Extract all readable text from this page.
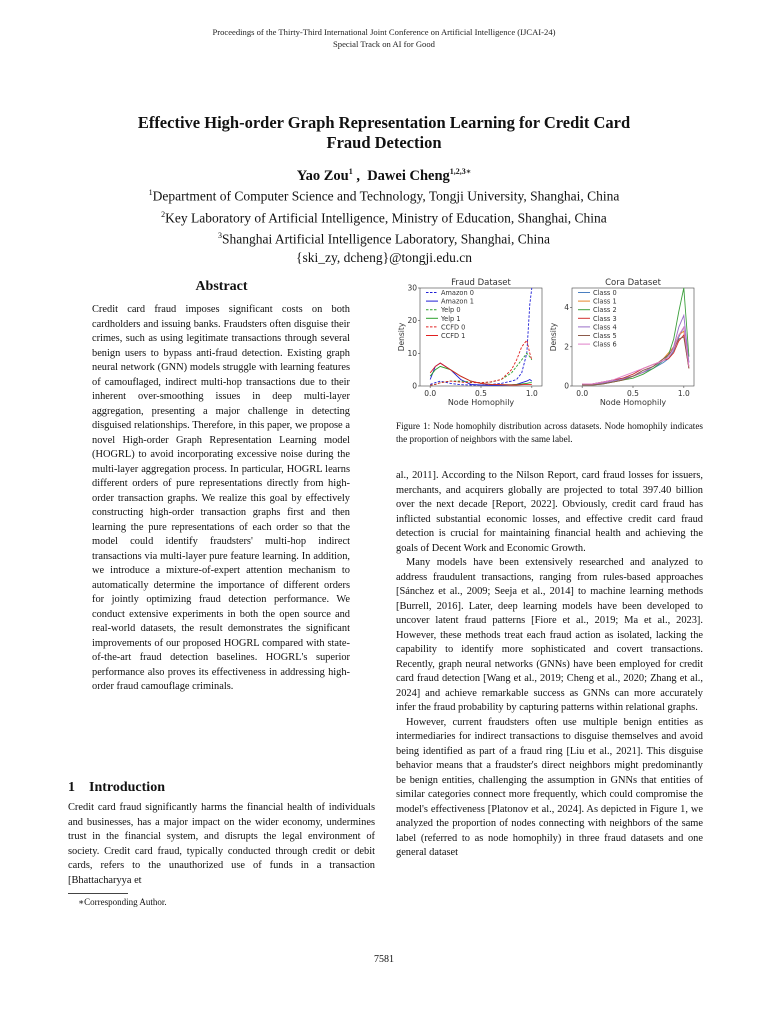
Proceedings of the Thirty-Third International Joint Conference on Artificial Intelligence (IJCAI-24)
Special Track on AI for Good
Effective High-order Graph Representation Learning for Credit Card
Fraud Detection
Yao Zou$^1$ , Dawei Cheng$^{1,2,3∗}$
$^1$Department of Computer Science and Technology, Tongji University, Shanghai, China
$^2$Key Laboratory of Artificial Intelligence, Ministry of Education, Shanghai, China
$^3$Shanghai Artificial Intelligence Laboratory, Shanghai, China
{ski_zy, dcheng}@tongji.edu.cn
Abstract
Credit card fraud imposes significant costs on both cardholders and issuing banks. Fraudsters often disguise their crimes, such as using legitimate transactions through several benign users to bypass anti-fraud detection. Existing graph neural network (GNN) models struggle with learning features of camouflaged, indirect multi-hop transactions due to their inherent over-smoothing issues in deep multi-layer aggregation, presenting a major challenge in detecting disguised relationships. Therefore, in this paper, we propose a novel High-order Graph Representation Learning model (HOGRL) to avoid incorporating excessive noise during the multi-layer aggregation process. In particular, HOGRL learns different orders of pure representations directly from high-order transaction graphs. We realize this goal by effectively constructing high-order transaction graphs first and then learning the pure representations of each order so that the model could identify fraudsters' multi-hop indirect transactions via multi-layer pure feature learning. In addition, we introduce a mixture-of-expert attention mechanism to automatically determine the importance of different orders for jointly optimizing fraud detection performance. We conduct extensive experiments in both the open source and real-world datasets, the result demonstrates the significant improvements of our proposed HOGRL compared with state-of-the-art fraud detection baselines. HOGRL's superior performance also proves its effectiveness in addressing high-order fraud camouflage criminals.
1 Introduction
Credit card fraud significantly harms the financial health of individuals and businesses, has a major impact on the wider economy, undermines trust in the financial system, and disrupts the legal environment of society. Credit card fraud, typically conducted through credit or debit cards, refers to the unauthorized use of funds in a transaction [Bhattacharyya et
∗Corresponding Author.
Fraud Dataset
Node Homophily
Density
0.0	0.5	1.0
0
10
20
30
Amazon 0
Amazon 1
Yelp 0
Yelp 1
CCFD 0
CCFD 1
Cora Dataset
Node Homophily
Density
0.0	0.5	1.0
0
2
4
Class 0
Class 1
Class 2
Class 3
Class 4
Class 5
Class 6
Figure 1: Node homophily distribution across datasets. Node homophily indicates the proportion of neighbors with the same label.

al., 2011]. According to the Nilson Report, card fraud losses for issuers, merchants, and acquirers globally are projected to total 397.40 billion over the next decade [Report, 2022]. Obviously, credit card fraud has inflicted substantial economic losses, and effective credit card fraud detection is crucial for maintaining financial health and achieving the goals of Decent Work and Economic Growth.

Many models have been extensively researched and analyzed to address fraudulent transactions, ranging from rules-based approaches [Sánchez et al., 2009; Seeja et al., 2014] to machine learning methods [Burrell, 2016]. Later, deep learning models have been developed to uncover latent fraud patterns [Fiore et al., 2019; Ma et al., 2023]. However, these methods treat each fraud action as isolated, lacking the capability to identify more sophisticated and covert transactions. Recently, graph neural networks (GNNs) have been employed for credit card fraud detection [Wang et al., 2019; Cheng et al., 2020; Zhang et al., 2024] and achieve remarkable success as GNNs can more accurately infer the fraud probability by capturing patterns within relational graphs.

However, current fraudsters often use multiple benign entities as intermediaries for indirect transactions to disguise themselves and avoid being identified as part of a fraud ring [Liu et al., 2021]. This disguise behavior means that a fraudster's direct neighbors might predominantly be benign entities, challenging the assumption in GNNs that entities of similar categories connect more frequently, which could compromise the model's effectiveness [Platonov et al., 2024]. As depicted in Figure 1, we analyzed the proportion of nodes connecting with neighbors of the same label (referred to as node homophily) in three fraud datasets and one general dataset

7581
